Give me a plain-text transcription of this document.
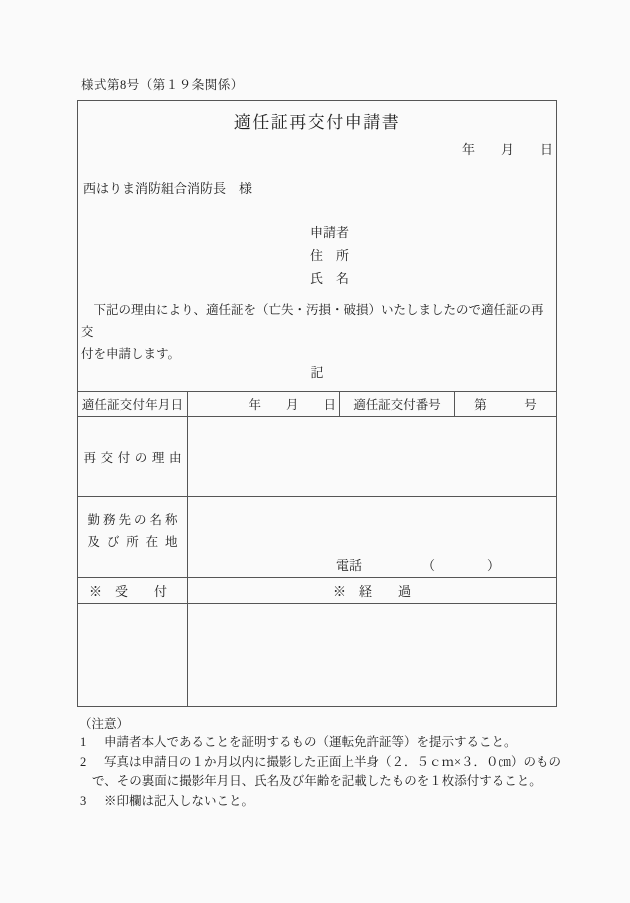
様式第8号（第１９条関係）
適任証再交付申請書
年　　月　　日
西はりま消防組合消防長　様
申請者
住　所
氏　名
　下記の理由により、適任証を（亡失・汚損・破損）いたしましたので適任証の再交
付を申請します。
記
適任証交付年月日	年　　月　　日 適任証交付番号	第　　　号
再交付の理由
勤務先の名称
及び所在地
電話	（	）
※　受　　付	※　経　　過
（注意）
1 申請者本人であることを証明するもの（運転免許証等）を提示すること。
2 写真は申請日の１か月以内に撮影した正面上半身（２．５ｃｍ×３．０㎝）のもの
で、その裏面に撮影年月日、氏名及び年齢を記載したものを１枚添付すること。
3 ※印欄は記入しないこと。
